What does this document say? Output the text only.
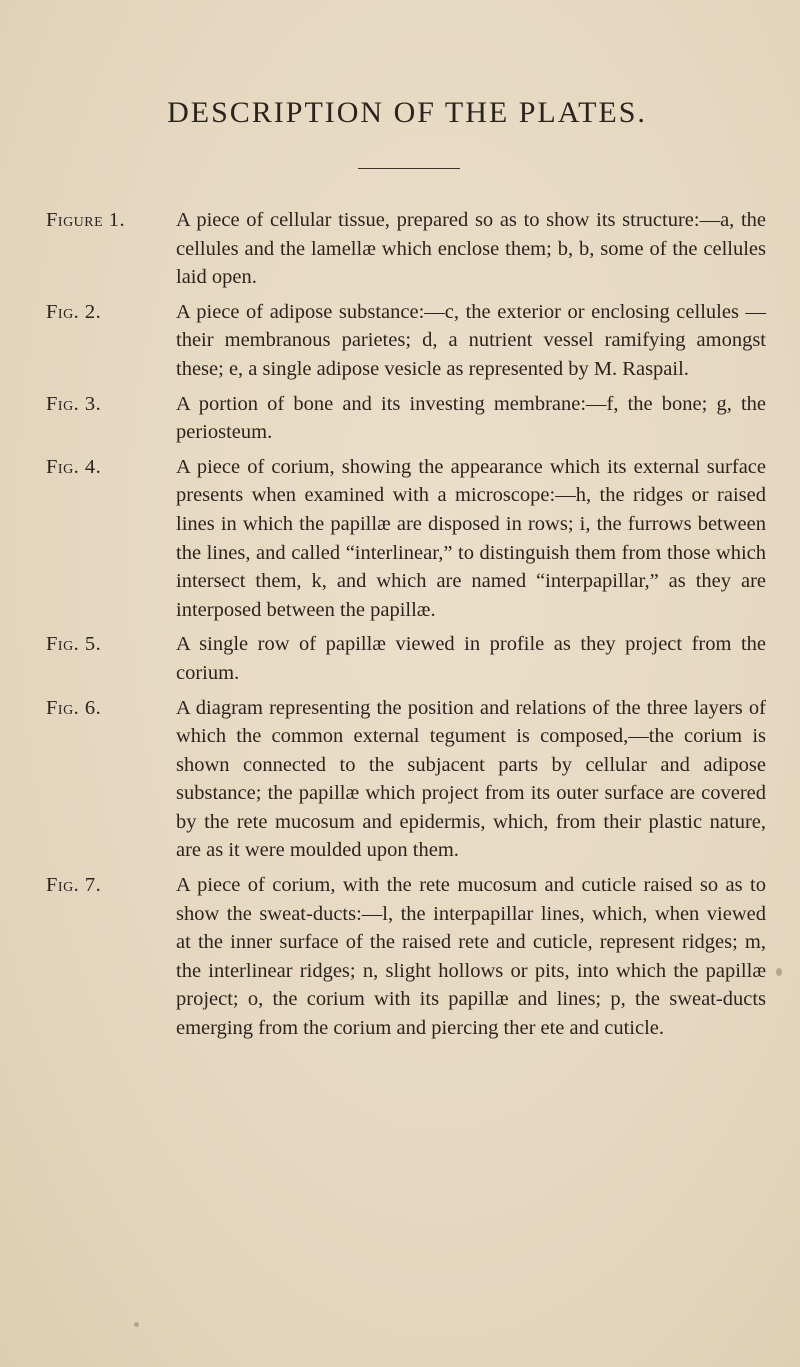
DESCRIPTION OF THE PLATES.
Figure 1. A piece of cellular tissue, prepared so as to show its structure:—a, the cellules and the lamellæ which enclose them; b, b, some of the cellules laid open.
Fig. 2.	A piece of adipose substance:—c, the exterior or enclosing cellules — their membranous parietes; d, a nutrient vessel ramifying amongst these; e, a single adipose vesicle as represented by M. Raspail.
Fig. 3.	A portion of bone and its investing membrane:—f, the bone; g, the periosteum.
Fig. 4.	A piece of corium, showing the appearance which its external surface presents when examined with a microscope:—h, the ridges or raised lines in which the papillæ are disposed in rows; i, the furrows between the lines, and called “interlinear,” to distinguish them from those which intersect them, k, and which are named “interpapillar,” as they are interposed between the papillæ.
Fig. 5.	A single row of papillæ viewed in profile as they project from the corium.
Fig. 6.	A diagram representing the position and relations of the three layers of which the common external tegument is composed,—the corium is shown connected to the subjacent parts by cellular and adipose substance; the papillæ which project from its outer surface are covered by the rete mucosum and epidermis, which, from their plastic nature, are as it were moulded upon them.
Fig. 7.	A piece of corium, with the rete mucosum and cuticle raised so as to show the sweat-ducts:—l, the interpapillar lines, which, when viewed at the inner surface of the raised rete and cuticle, represent ridges; m, the interlinear ridges; n, slight hollows or pits, into which the papillæ project; o, the corium with its papillæ and lines; p, the sweat-ducts emerging from the corium and piercing ther ete and cuticle.
